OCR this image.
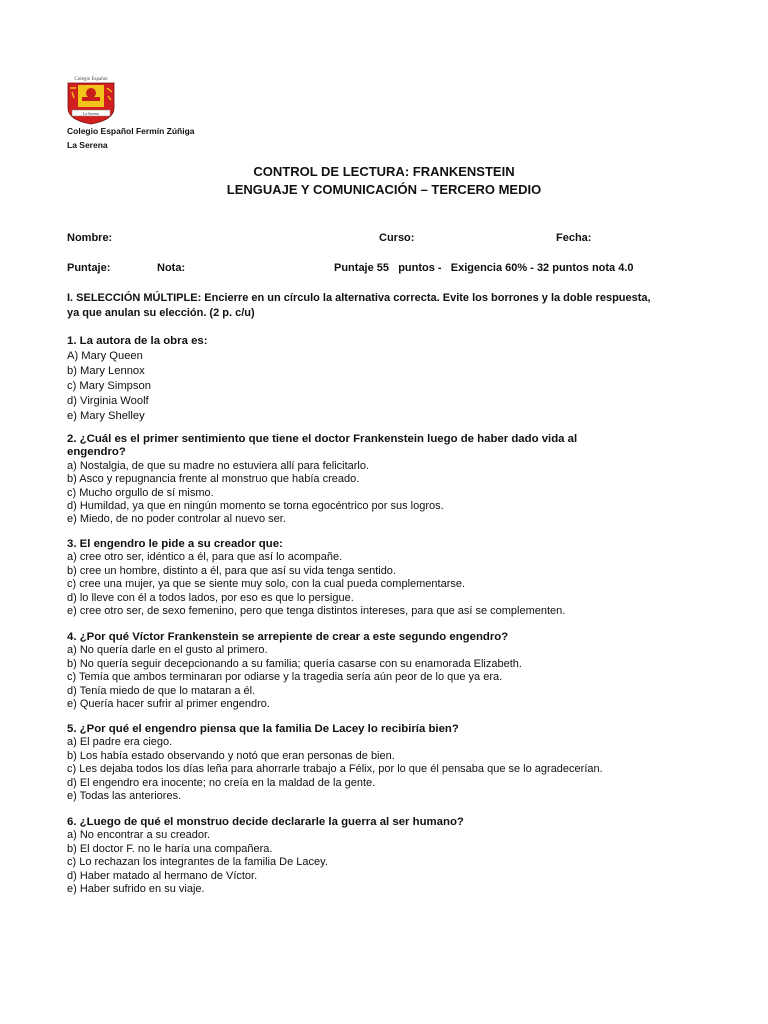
Colegio Español
La Serena
Colegio Español Fermín Zúñiga
La Serena
CONTROL DE LECTURA: FRANKENSTEIN
LENGUAJE Y COMUNICACIÓN – TERCERO MEDIO
Nombre:	Curso:	Fecha:
Puntaje:	Nota:	Puntaje 55   puntos -   Exigencia 60% - 32 puntos nota 4.0
I. SELECCIÓN MÚLTIPLE: Encierre en un círculo la alternativa correcta. Evite los borrones y la doble respuesta,
ya que anulan su elección. (2 p. c/u)

1. La autora de la obra es:

A) Mary Queen

b) Mary Lennox

c) Mary Simpson

d) Virginia Woolf

e) Mary Shelley

2. ¿Cuál es el primer sentimiento que tiene el doctor Frankenstein luego de haber dado vida al

engendro?

a) Nostalgia, de que su madre no estuviera allí para felicitarlo.

b) Asco y repugnancia frente al monstruo que había creado.

c) Mucho orgullo de sí mismo.

d) Humildad, ya que en ningún momento se torna egocéntrico por sus logros.

e) Miedo, de no poder controlar al nuevo ser.

3. El engendro le pide a su creador que:

a) cree otro ser, idéntico a él, para que así lo acompañe.

b) cree un hombre, distinto a él, para que así su vida tenga sentido.

c) cree una mujer, ya que se siente muy solo, con la cual pueda complementarse.

d) lo lleve con él a todos lados, por eso es que lo persigue.

e) cree otro ser, de sexo femenino, pero que tenga distintos intereses, para que así se complementen.

4. ¿Por qué Víctor Frankenstein se arrepiente de crear a este segundo engendro?

a) No quería darle en el gusto al primero.

b) No quería seguir decepcionando a su familia; quería casarse con su enamorada Elizabeth.

c) Temía que ambos terminaran por odiarse y la tragedia sería aún peor de lo que ya era.

d) Tenía miedo de que lo mataran a él.

e) Quería hacer sufrir al primer engendro.

5. ¿Por qué el engendro piensa que la familia De Lacey lo recibiría bien?

a) El padre era ciego.

b) Los había estado observando y notó que eran personas de bien.

c) Les dejaba todos los días leña para ahorrarle trabajo a Félix, por lo que él pensaba que se lo agradecerían.

d) El engendro era inocente; no creía en la maldad de la gente.

e) Todas las anteriores.

6. ¿Luego de qué el monstruo decide declararle la guerra al ser humano?

a) No encontrar a su creador.

b) El doctor F. no le haría una compañera.

c) Lo rechazan los integrantes de la familia De Lacey.

d) Haber matado al hermano de Víctor.

e) Haber sufrido en su viaje.
